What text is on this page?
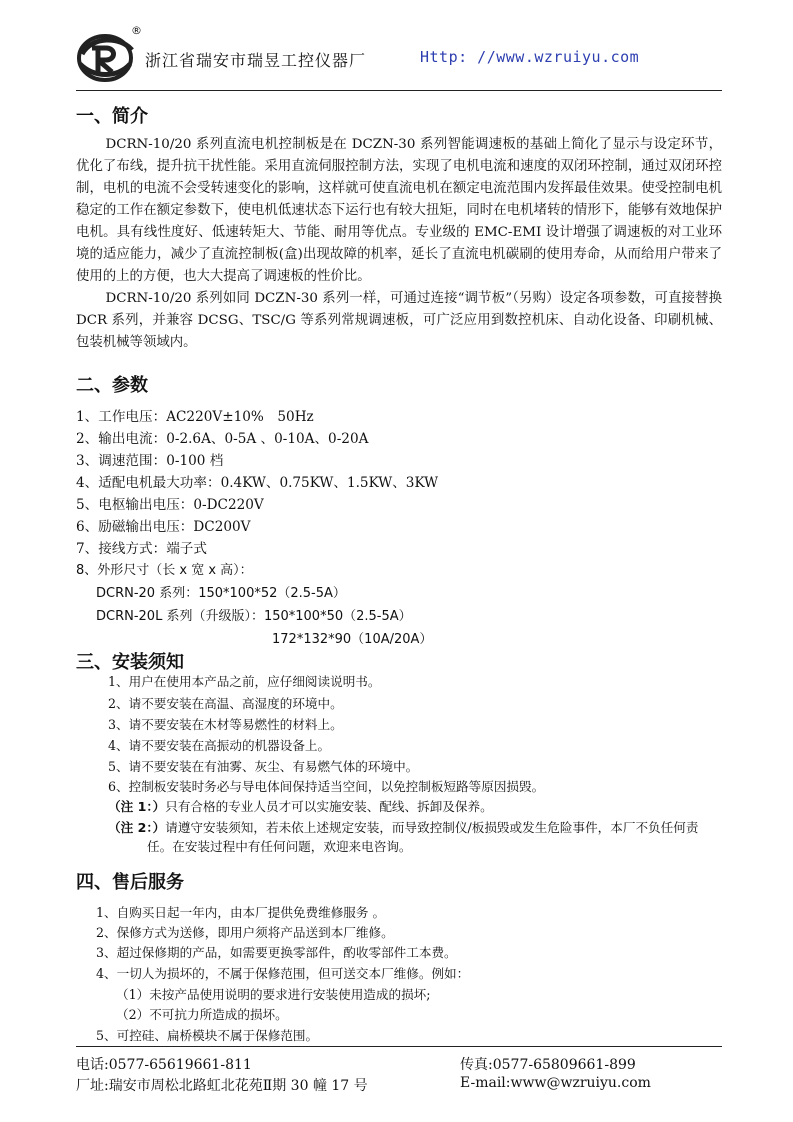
®
浙江省瑞安市瑞昱工控仪器厂	Http: //www.wzruiyu.com
一、简介

DCRN-10/20 系列直流电机控制板是在 DCZN-30 系列智能调速板的基础上简化了显示与设定环节，优化了布线，提升抗干扰性能。采用直流伺服控制方法，实现了电机电流和速度的双闭环控制，通过双闭环控制，电机的电流不会受转速变化的影响，这样就可使直流电机在额定电流范围内发挥最佳效果。使受控制电机稳定的工作在额定参数下，使电机低速状态下运行也有较大扭矩，同时在电机堵转的情形下，能够有效地保护电机。具有线性度好、低速转矩大、节能、耐用等优点。专业级的 EMC-EMI 设计增强了调速板的对工业环境的适应能力，减少了直流控制板(盒)出现故障的机率，延长了直流电机碳刷的使用寿命，从而给用户带来了使用的上的方便，也大大提高了调速板的性价比。

DCRN-10/20 系列如同 DCZN-30 系列一样，可通过连接“调节板”（另购）设定各项参数，可直接替换 DCR 系列，并兼容 DCSG、TSC/G 等系列常规调速板，可广泛应用到数控机床、自动化设备、印刷机械、包装机械等领域内。

二、参数
1、工作电压：AC220V±10%　50Hz
2、输出电流：0-2.6A、0-5A 、0-10A、0-20A
3、调速范围：0-100 档
4、适配电机最大功率：0.4KW、0.75KW、1.5KW、3KW
5、电枢输出电压：0-DC220V
6、励磁输出电压：DC200V
7、接线方式：端子式
8、外形尺寸（长 x 宽 x 高）：
DCRN-20 系列：150*100*52（2.5-5A）
DCRN-20L 系列（升级版）：150*100*50（2.5-5A）
172*132*90（10A/20A）
三、安装须知
1、用户在使用本产品之前，应仔细阅读说明书。
2、请不要安装在高温、高湿度的环境中。
3、请不要安装在木材等易燃性的材料上。
4、请不要安装在高振动的机器设备上。
5、请不要安装在有油雾、灰尘、有易燃气体的环境中。
6、控制板安装时务必与导电体间保持适当空间，以免控制板短路等原因损毁。
（注 1：）只有合格的专业人员才可以实施安装、配线、拆卸及保养。
（注 2：）请遵守安装须知，若未依上述规定安装，而导致控制仪/板损毁或发生危险事件，本厂不负任何责任。在安装过程中有任何问题，欢迎来电咨询。
四、售后服务
1、自购买日起一年内，由本厂提供免费维修服务 。
2、保修方式为送修，即用户须将产品送到本厂维修。
3、超过保修期的产品，如需要更换零部件，酌收零部件工本费。
4、一切人为损坏的，不属于保修范围，但可送交本厂维修。例如：
（1）未按产品使用说明的要求进行安装使用造成的损坏;
（2）不可抗力所造成的损坏。
5、可控硅、扁桥模块不属于保修范围。
电话:0577-65619661-811	传真:0577-65809661-899
厂址:瑞安市周松北路虹北花苑Ⅱ期 30 幢 17 号	E-mail:www@wzruiyu.com
